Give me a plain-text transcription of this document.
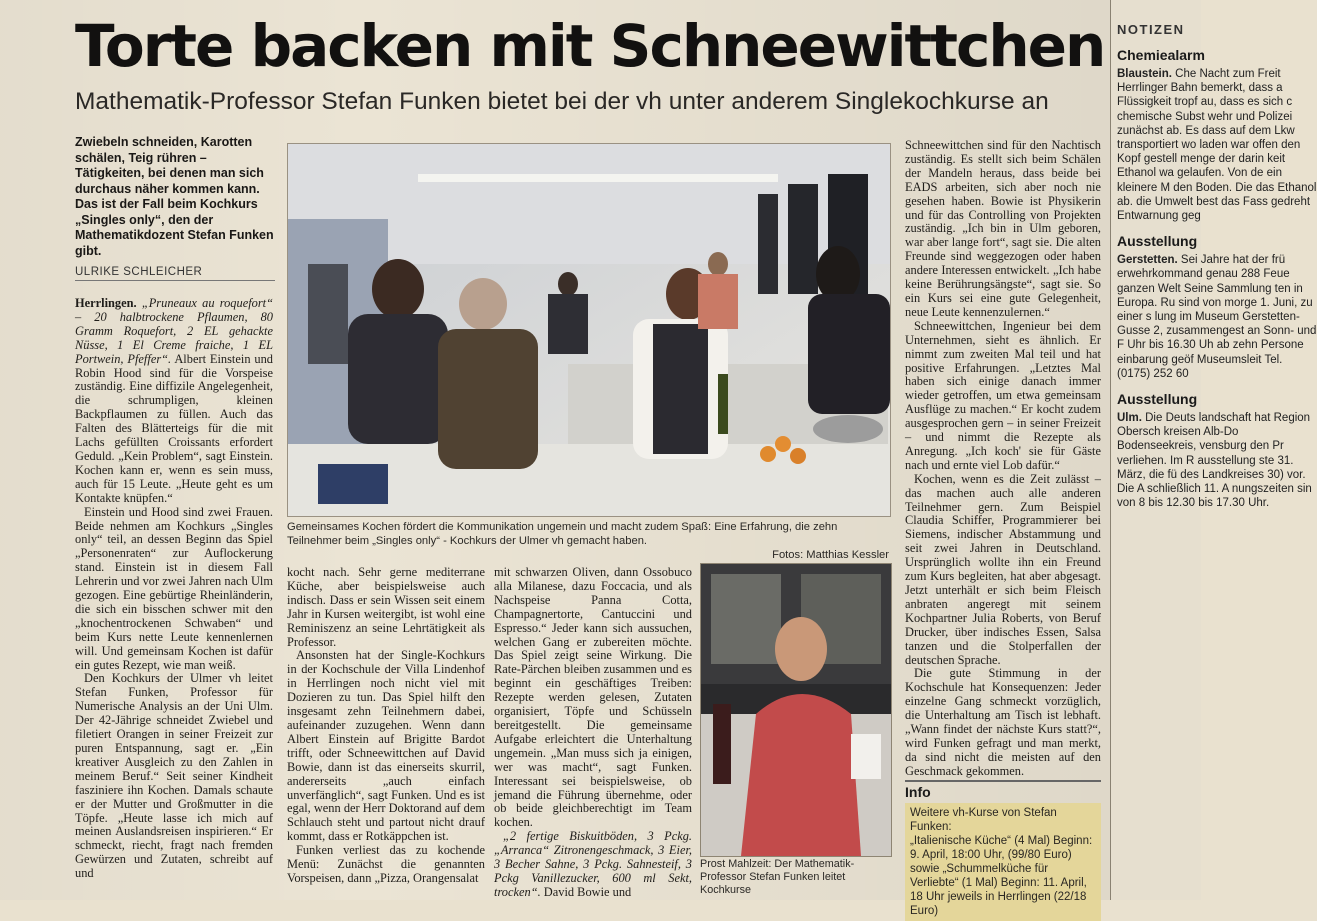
Torte backen mit Schneewittchen
Mathematik-Professor Stefan Funken bietet bei der vh unter anderem Singlekochkurse an
Zwiebeln schneiden, Karotten schälen, Teig rühren – Tätigkeiten, bei denen man sich durchaus näher kommen kann. Das ist der Fall beim Kochkurs „Singles only“, den der Mathematikdozent Stefan Funken gibt.
ULRIKE SCHLEICHER

Herrlingen. „Pruneaux au roquefort“ – 20 halbtrockene Pflaumen, 80 Gramm Roquefort, 2 EL gehackte Nüsse, 1 El Creme fraiche, 1 EL Portwein, Pfeffer“. Albert Einstein und Robin Hood sind für die Vorspeise zuständig. Eine diffizile Angelegenheit, die schrumpligen, kleinen Backpflaumen zu füllen. Auch das Falten des Blätterteigs für die mit Lachs gefüllten Croissants erfordert Geduld. „Kein Problem“, sagt Einstein. Kochen kann er, wenn es sein muss, auch für 15 Leute. „Heute geht es um Kontakte knüpfen.“

Einstein und Hood sind zwei Frauen. Beide nehmen am Kochkurs „Singles only“ teil, an dessen Beginn das Spiel „Personenraten“ zur Auflockerung stand. Einstein ist in diesem Fall Lehrerin und vor zwei Jahren nach Ulm gezogen. Eine gebürtige Rheinländerin, die sich ein bisschen schwer mit den „knochentrockenen Schwaben“ und beim Kurs nette Leute kennenlernen will. Und gemeinsam Kochen ist dafür ein gutes Rezept, wie man weiß.

Den Kochkurs der Ulmer vh leitet Stefan Funken, Professor für Numerische Analysis an der Uni Ulm. Der 42-Jährige schneidet Zwiebel und filetiert Orangen in seiner Freizeit zur puren Entspannung, sagt er. „Ein kreativer Ausgleich zu den Zahlen in meinem Beruf.“ Seit seiner Kindheit fasziniere ihn Kochen. Damals schaute er der Mutter und Großmutter in die Töpfe. „Heute lasse ich mich auf meinen Auslandsreisen inspirieren.“ Er schmeckt, riecht, fragt nach fremden Gewürzen und Zutaten, schreibt auf und

Gemeinsames Kochen fördert die Kommunikation ungemein und macht zudem Spaß: Eine Erfahrung, die zehn Teilnehmer beim „Singles only“ - Kochkurs der Ulmer vh gemacht haben.
Fotos: Matthias Kessler

kocht nach. Sehr gerne mediterrane Küche, aber beispielsweise auch indisch. Dass er sein Wissen seit einem Jahr in Kursen weitergibt, ist wohl eine Reminiszenz an seine Lehrtätigkeit als Professor.

Ansonsten hat der Single-Kochkurs in der Kochschule der Villa Lindenhof in Herrlingen noch nicht viel mit Dozieren zu tun. Das Spiel hilft den insgesamt zehn Teilnehmern dabei, aufeinander zuzugehen. Wenn dann Albert Einstein auf Brigitte Bardot trifft, oder Schneewittchen auf David Bowie, dann ist das einerseits skurril, andererseits „auch einfach unverfänglich“, sagt Funken. Und es ist egal, wenn der Herr Doktorand auf dem Schlauch steht und partout nicht drauf kommt, dass er Rotkäppchen ist.

Funken verliest das zu kochende Menü: Zunächst die genannten Vorspeisen, dann „Pizza, Orangensalat

mit schwarzen Oliven, dann Ossobuco alla Milanese, dazu Foccacia, und als Nachspeise Panna Cotta, Champagnertorte, Cantuccini und Espresso.“ Jeder kann sich aussuchen, welchen Gang er zubereiten möchte. Das Spiel zeigt seine Wirkung. Die Rate-Pärchen bleiben zusammen und es beginnt ein geschäftiges Treiben: Rezepte werden gelesen, Zutaten organisiert, Töpfe und Schüsseln bereitgestellt. Die gemeinsame Aufgabe erleichtert die Unterhaltung ungemein. „Man muss sich ja einigen, wer was macht“, sagt Funken. Interessant sei beispielsweise, ob jemand die Führung übernehme, oder ob beide gleichberechtigt im Team kochen.

„2 fertige Biskuitböden, 3 Pckg. „Arranca“ Zitronengeschmack, 3 Eier, 3 Becher Sahne, 3 Pckg. Sahnesteif, 3 Pckg Vanillezucker, 600 ml Sekt, trocken“. David Bowie und

Prost Mahlzeit: Der Mathematik-Professor Stefan Funken leitet Kochkurse

Schneewittchen sind für den Nachtisch zuständig. Es stellt sich beim Schälen der Mandeln heraus, dass beide bei EADS arbeiten, sich aber noch nie gesehen haben. Bowie ist Physikerin und für das Controlling von Projekten zuständig. „Ich bin in Ulm geboren, war aber lange fort“, sagt sie. Die alten Freunde sind weggezogen oder haben andere Interessen entwickelt. „Ich habe keine Berührungsängste“, sagt sie. So ein Kurs sei eine gute Gelegenheit, neue Leute kennenzulernen.“

Schneewittchen, Ingenieur bei dem Unternehmen, sieht es ähnlich. Er nimmt zum zweiten Mal teil und hat positive Erfahrungen. „Letztes Mal haben sich einige danach immer wieder getroffen, um etwa gemeinsam Ausflüge zu machen.“ Er kocht zudem ausgesprochen gern – in seiner Freizeit – und nimmt die Rezepte als Anregung. „Ich koch' sie für Gäste nach und ernte viel Lob dafür.“

Kochen, wenn es die Zeit zulässt – das machen auch alle anderen Teilnehmer gern. Zum Beispiel Claudia Schiffer, Programmierer bei Siemens, indischer Abstammung und seit zwei Jahren in Deutschland. Ursprünglich wollte ihn ein Freund zum Kurs begleiten, hat aber abgesagt. Jetzt unterhält er sich beim Fleisch anbraten angeregt mit seinem Kochpartner Julia Roberts, von Beruf Drucker, über indisches Essen, Salsa tanzen und die Stolperfallen der deutschen Sprache.

Die gute Stimmung in der Kochschule hat Konsequenzen: Jeder einzelne Gang schmeckt vorzüglich, die Unterhaltung am Tisch ist lebhaft. „Wann findet der nächste Kurs statt?“, wird Funken gefragt und man merkt, da sind nicht die meisten auf den Geschmack gekommen.

Info
Weitere vh-Kurse von Stefan Funken:
„Italienische Küche“ (4 Mal) Beginn: 9. April, 18:00 Uhr, (99/80 Euro) sowie „Schummelküche für Verliebte“ (1 Mal) Beginn: 11. April, 18 Uhr jeweils in Herrlingen (22/18 Euro)
NOTIZEN
Chemiealarm
Blaustein. Che Nacht zum Freit Herrlinger Bahn bemerkt, dass a Flüssigkeit tropf au, dass es sich c chemische Subst wehr und Polizei zunächst ab. Es dass auf dem Lkw transportiert wo laden war offen den Kopf gestell menge der darin keit Ethanol wa gelaufen. Von de ein kleinere M den Boden. Die das Ethanol ab. die Umwelt best das Fass gedreht Entwarnung geg
Ausstellung
Gerstetten. Sei Jahre hat der frü erwehrkommand genau 288 Feue ganzen Welt Seine Sammlung ten in Europa. Ru sind von morge 1. Juni, zu einer s lung im Museum Gerstetten-Gusse 2, zusammengest an Sonn- und F Uhr bis 16.30 Uh ab zehn Persone einbarung geöf Museumsleit Tel. (0175) 252 60
Ausstellung
Ulm. Die Deuts landschaft hat Region Obersch kreisen Alb-Do Bodenseekreis, vensburg den Pr verliehen. Im R ausstellung ste 31. März, die fü des Landkreises 30) vor. Die A schließlich 11. A nungszeiten sin von 8 bis 12.30 bis 17.30 Uhr.
